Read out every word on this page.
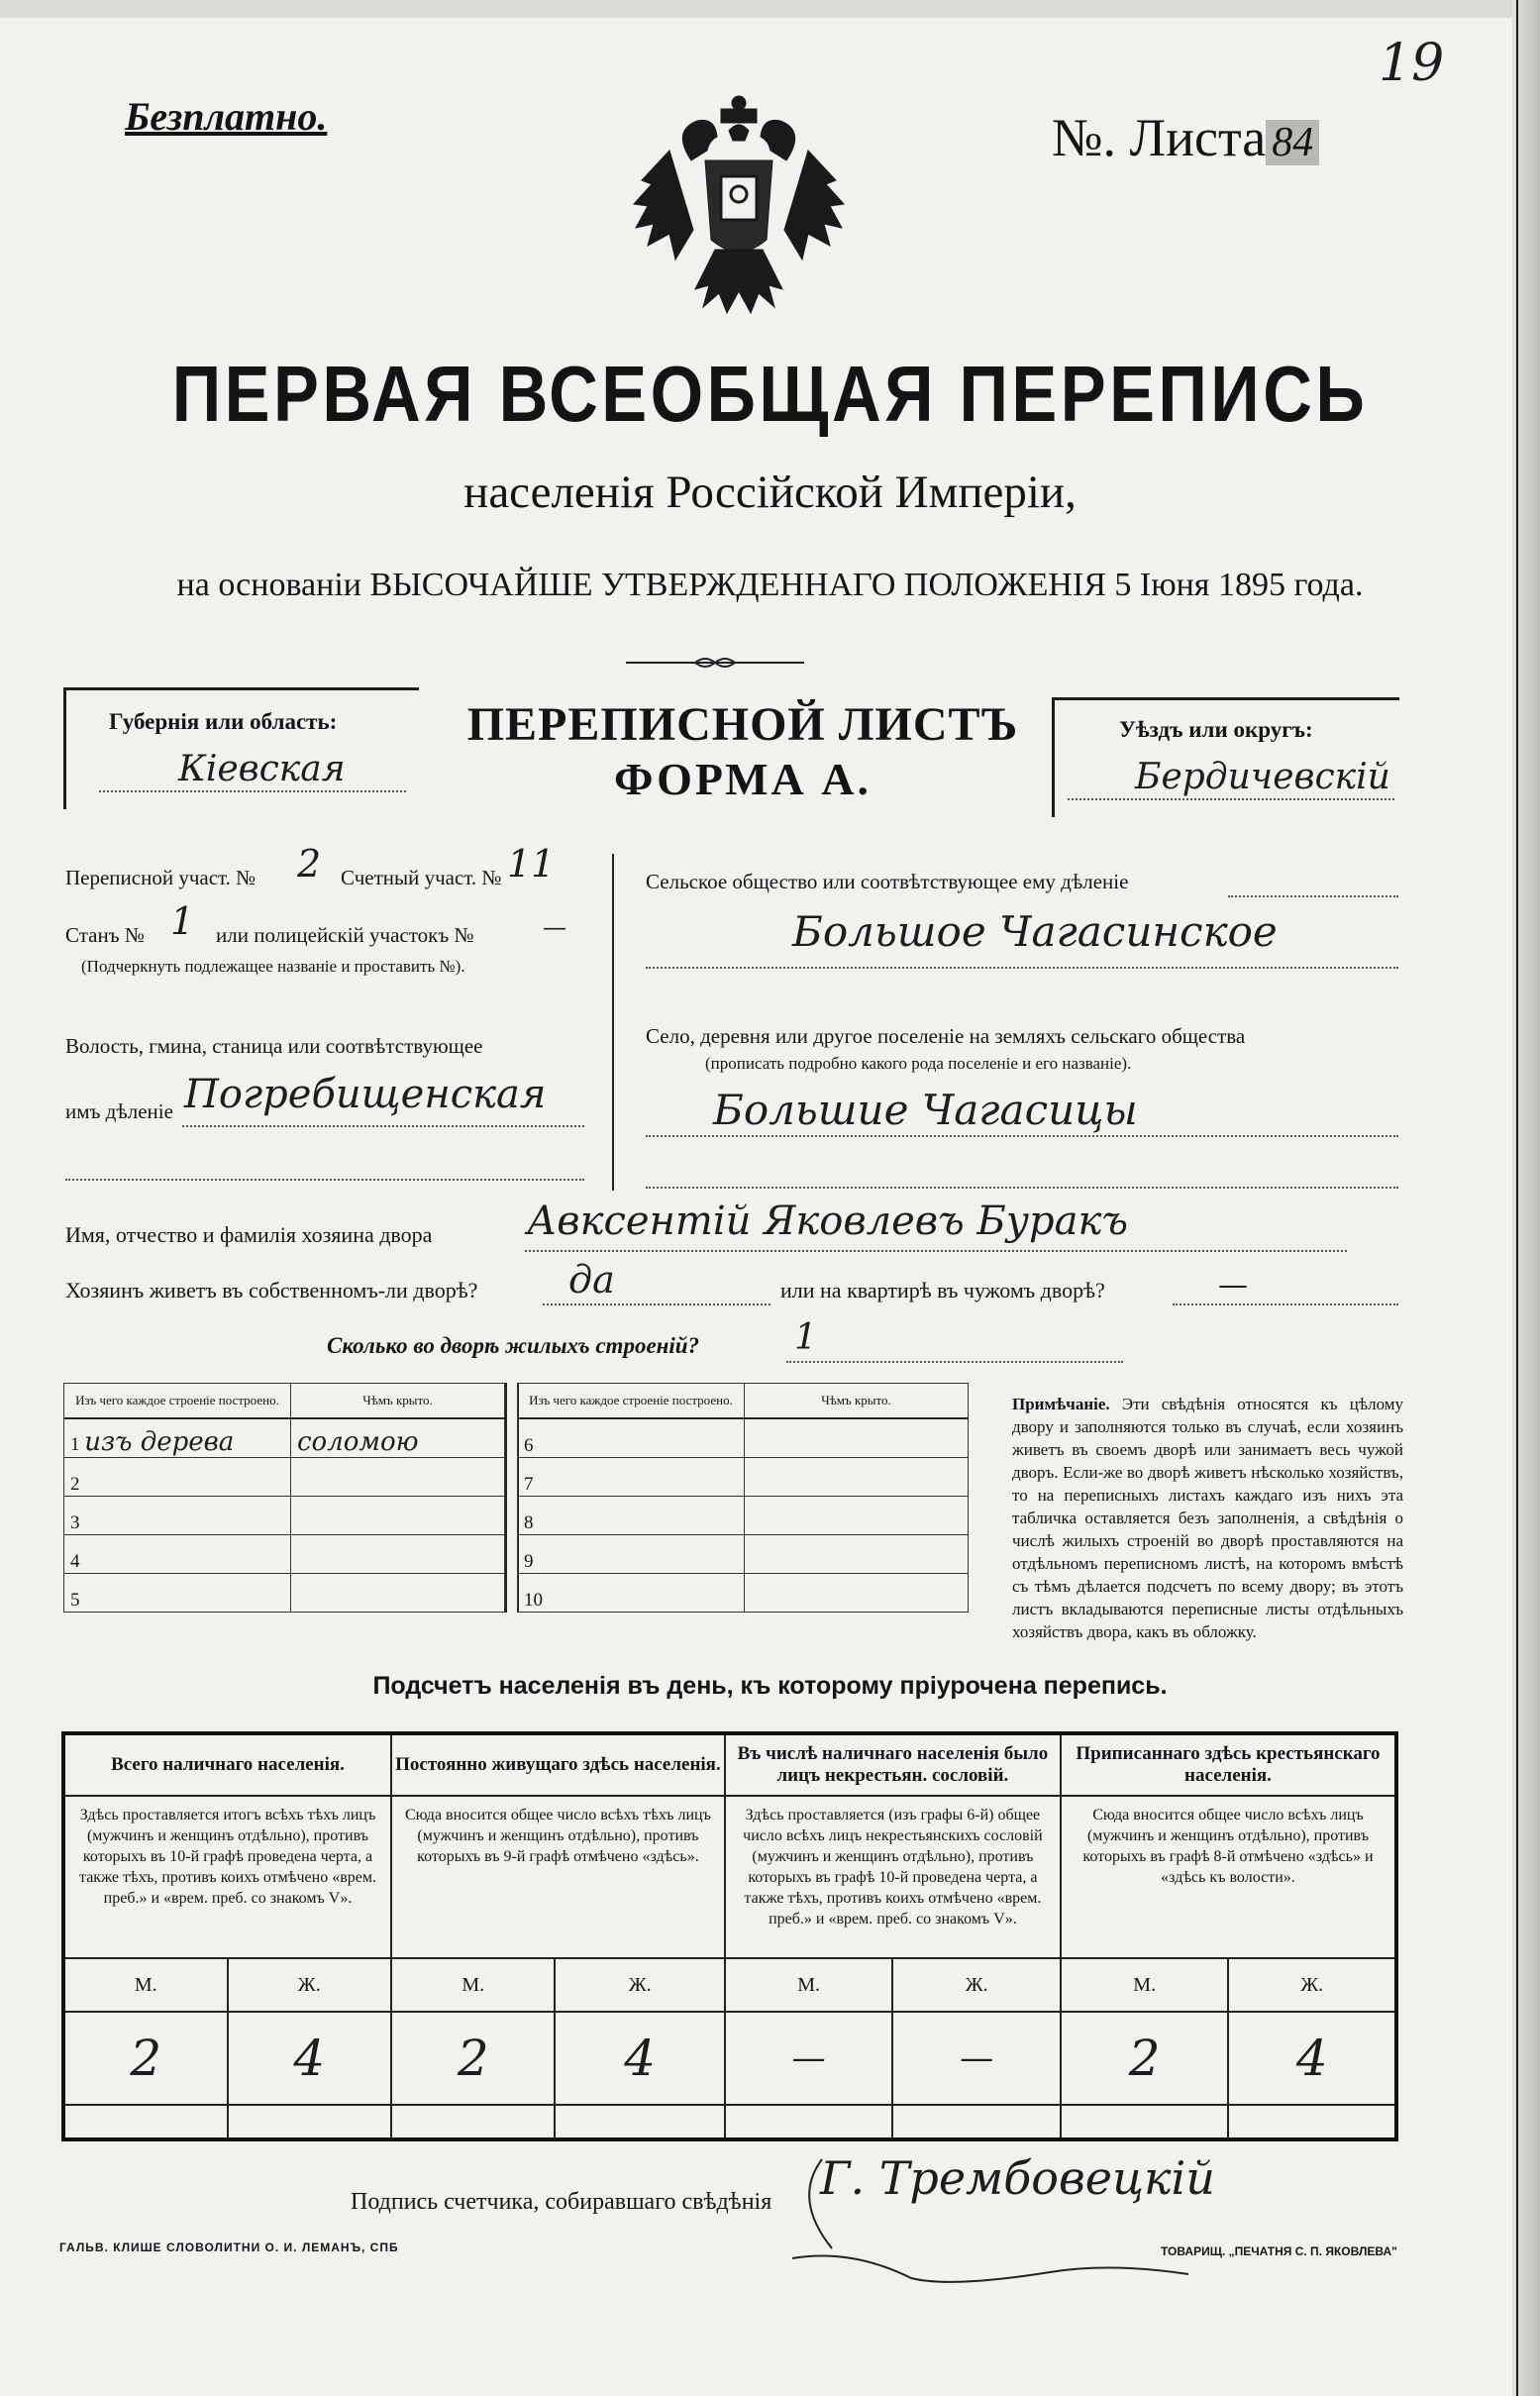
Безплатно.	№. Листа 84
19
ПЕРВАЯ ВСЕОБЩАЯ ПЕРЕПИСЬ
населенія Россійской Имперіи,
на основаніи ВЫСОЧАЙШЕ УТВЕРЖДЕННАГО ПОЛОЖЕНІЯ 5 Іюня 1895 года.
Губернія или область:
Кіевская
ПЕРЕПИСНОЙ ЛИСТЪ
ФОРМА А.
Уѣздъ или округъ:
Бердичевскій
Переписной участ. № 2 Счетный участ. № 11
Станъ № 1 или полицейскій участокъ №	—
(Подчеркнуть подлежащее названіе и проставить №).
Волость, гмина, станица или соотвѣтствующее
имъ дѣленіе Погребищенская
Сельское общество или соотвѣтствующее ему дѣленіе
Большое Чагасинское
Село, деревня или другое поселеніе на земляхъ сельскаго общества
(прописать подробно какого рода поселеніе и его названіе).
Большие Чагасицы
Имя, отчество и фамилія хозяина двора Авксентій Яковлевъ Буракъ
Хозяинъ живетъ въ собственномъ-ли дворѣ? да	или на квартирѣ въ чужомъ дворѣ?	—
Сколько во дворѣ жилыхъ строеній?	1
Изъ чего каждое строеніе построено.	Чѣмъ крыто.
1 изъ дерева	соломою
2	
3	
4	
5	
Изъ чего каждое строеніе построено.	Чѣмъ крыто.
6	
7	
8	
9	
10	
Примѣчаніе. Эти свѣдѣнія относятся къ цѣлому двору и заполняются только въ случаѣ, если хозяинъ живетъ въ своемъ дворѣ или занимаетъ весь чужой дворъ. Если-же во дворѣ живетъ нѣсколько хозяйствъ, то на переписныхъ листахъ каждаго изъ нихъ эта табличка оставляется безъ заполненія, а свѣдѣнія о числѣ жилыхъ строеній во дворѣ проставляются на отдѣльномъ переписномъ листѣ, на которомъ вмѣстѣ съ тѣмъ дѣлается подсчетъ по всему двору; въ этотъ листъ вкладываются переписные листы отдѣльныхъ хозяйствъ двора, какъ въ обложку.
Подсчетъ населенія въ день, къ которому пріурочена перепись.
Всего наличнаго населенія.		Постоянно живущаго здѣсь населенія.		Въ числѣ наличнаго населенія было лицъ некрестьян. сословій.		Приписаннаго здѣсь крестьянскаго населенія.	
Здѣсь проставляется итогъ всѣхъ тѣхъ лицъ (мужчинъ и женщинъ отдѣльно), противъ которыхъ въ 10-й графѣ проведена черта, а также тѣхъ, противъ коихъ отмѣчено «врем. преб.» и «врем. преб. со знакомъ V».		Сюда вносится общее число всѣхъ тѣхъ лицъ (мужчинъ и женщинъ отдѣльно), противъ которыхъ въ 9-й графѣ отмѣчено «здѣсь».		Здѣсь проставляется (изъ графы 6-й) общее число всѣхъ лицъ некрестьянскихъ сословій (мужчинъ и женщинъ отдѣльно), противъ которыхъ въ графѣ 10-й проведена черта, а также тѣхъ, противъ коихъ отмѣчено «врем. преб.» и «врем. преб. со знакомъ V».		Сюда вносится общее число всѣхъ лицъ (мужчинъ и женщинъ отдѣльно), противъ которыхъ въ графѣ 8-й отмѣчено «здѣсь» и «здѣсь къ волости».	
М.	Ж.	М.	Ж.	М.	Ж.	М.	Ж.
2	4	2	4	—	—	2	4

Подпись счетчика, собиравшаго свѣдѣнія Г. Трембовецкій
ГАЛЬВ. КЛИШЕ СЛОВОЛИТНИ О. И. ЛЕМАНЪ, СПБ	ТОВАРИЩ. „ПЕЧАТНЯ С. П. ЯКОВЛЕВА"
